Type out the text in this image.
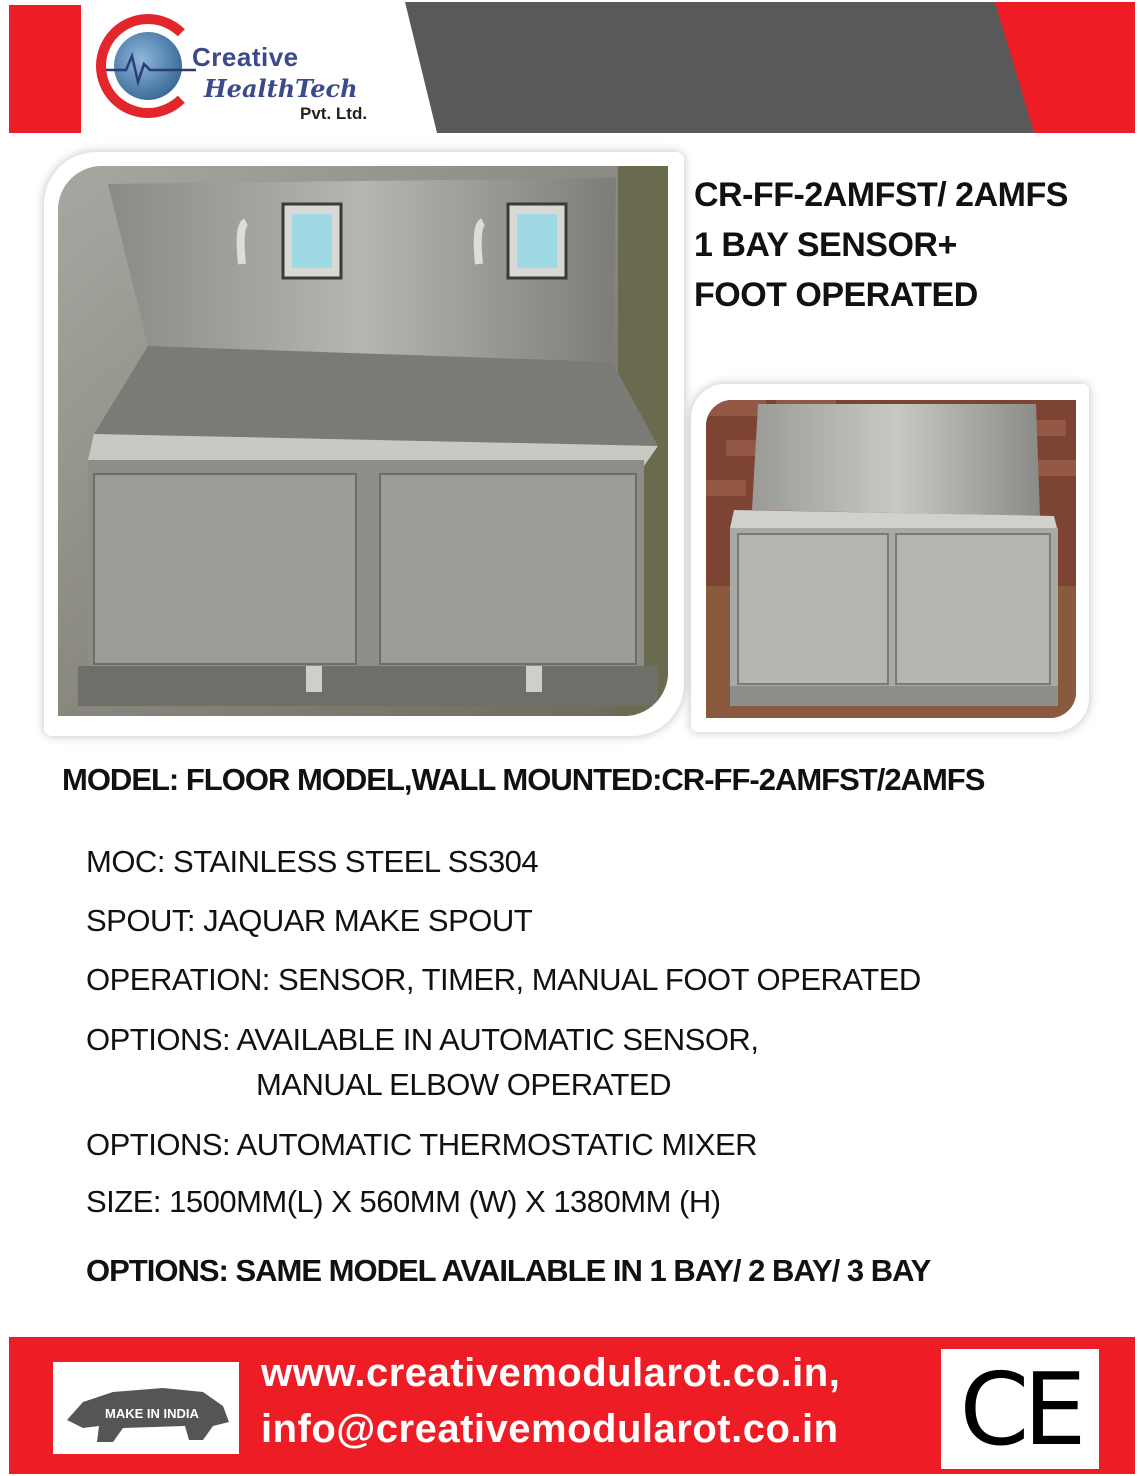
Creative
HealthTech
Pvt. Ltd.
CR-FF-2AMFST/ 2AMFS
1 BAY SENSOR+
FOOT OPERATED
MODEL: FLOOR MODEL,WALL MOUNTED:CR-FF-2AMFST/2AMFS
MOC: STAINLESS STEEL SS304
SPOUT: JAQUAR MAKE SPOUT
OPERATION: SENSOR, TIMER, MANUAL FOOT OPERATED
OPTIONS: AVAILABLE IN AUTOMATIC SENSOR,
MANUAL ELBOW OPERATED
OPTIONS: AUTOMATIC THERMOSTATIC MIXER
SIZE: 1500MM(L) X 560MM (W) X 1380MM (H)
OPTIONS: SAME MODEL AVAILABLE IN 1 BAY/ 2 BAY/ 3 BAY
MAKE IN INDIA
www.creativemodularot.co.in,
info@creativemodularot.co.in CE
